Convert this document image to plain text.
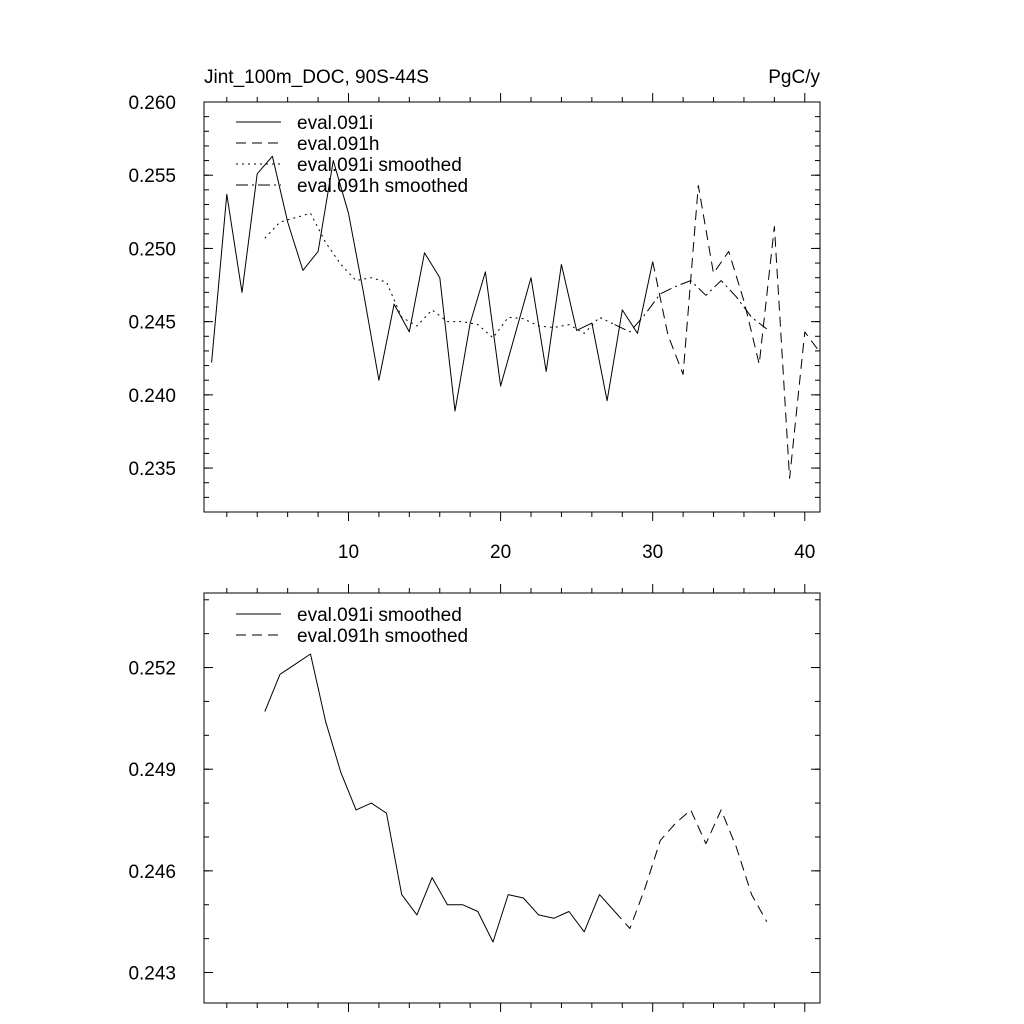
Jint_100m_DOC, 90S-44S	PgC/y
10	20	30	40
0.235
0.240
0.245
0.250
0.255
0.260
eval.091i
eval.091h
eval.091i smoothed
eval.091h smoothed
0.243
0.246
0.249
0.252
eval.091i smoothed
eval.091h smoothed
